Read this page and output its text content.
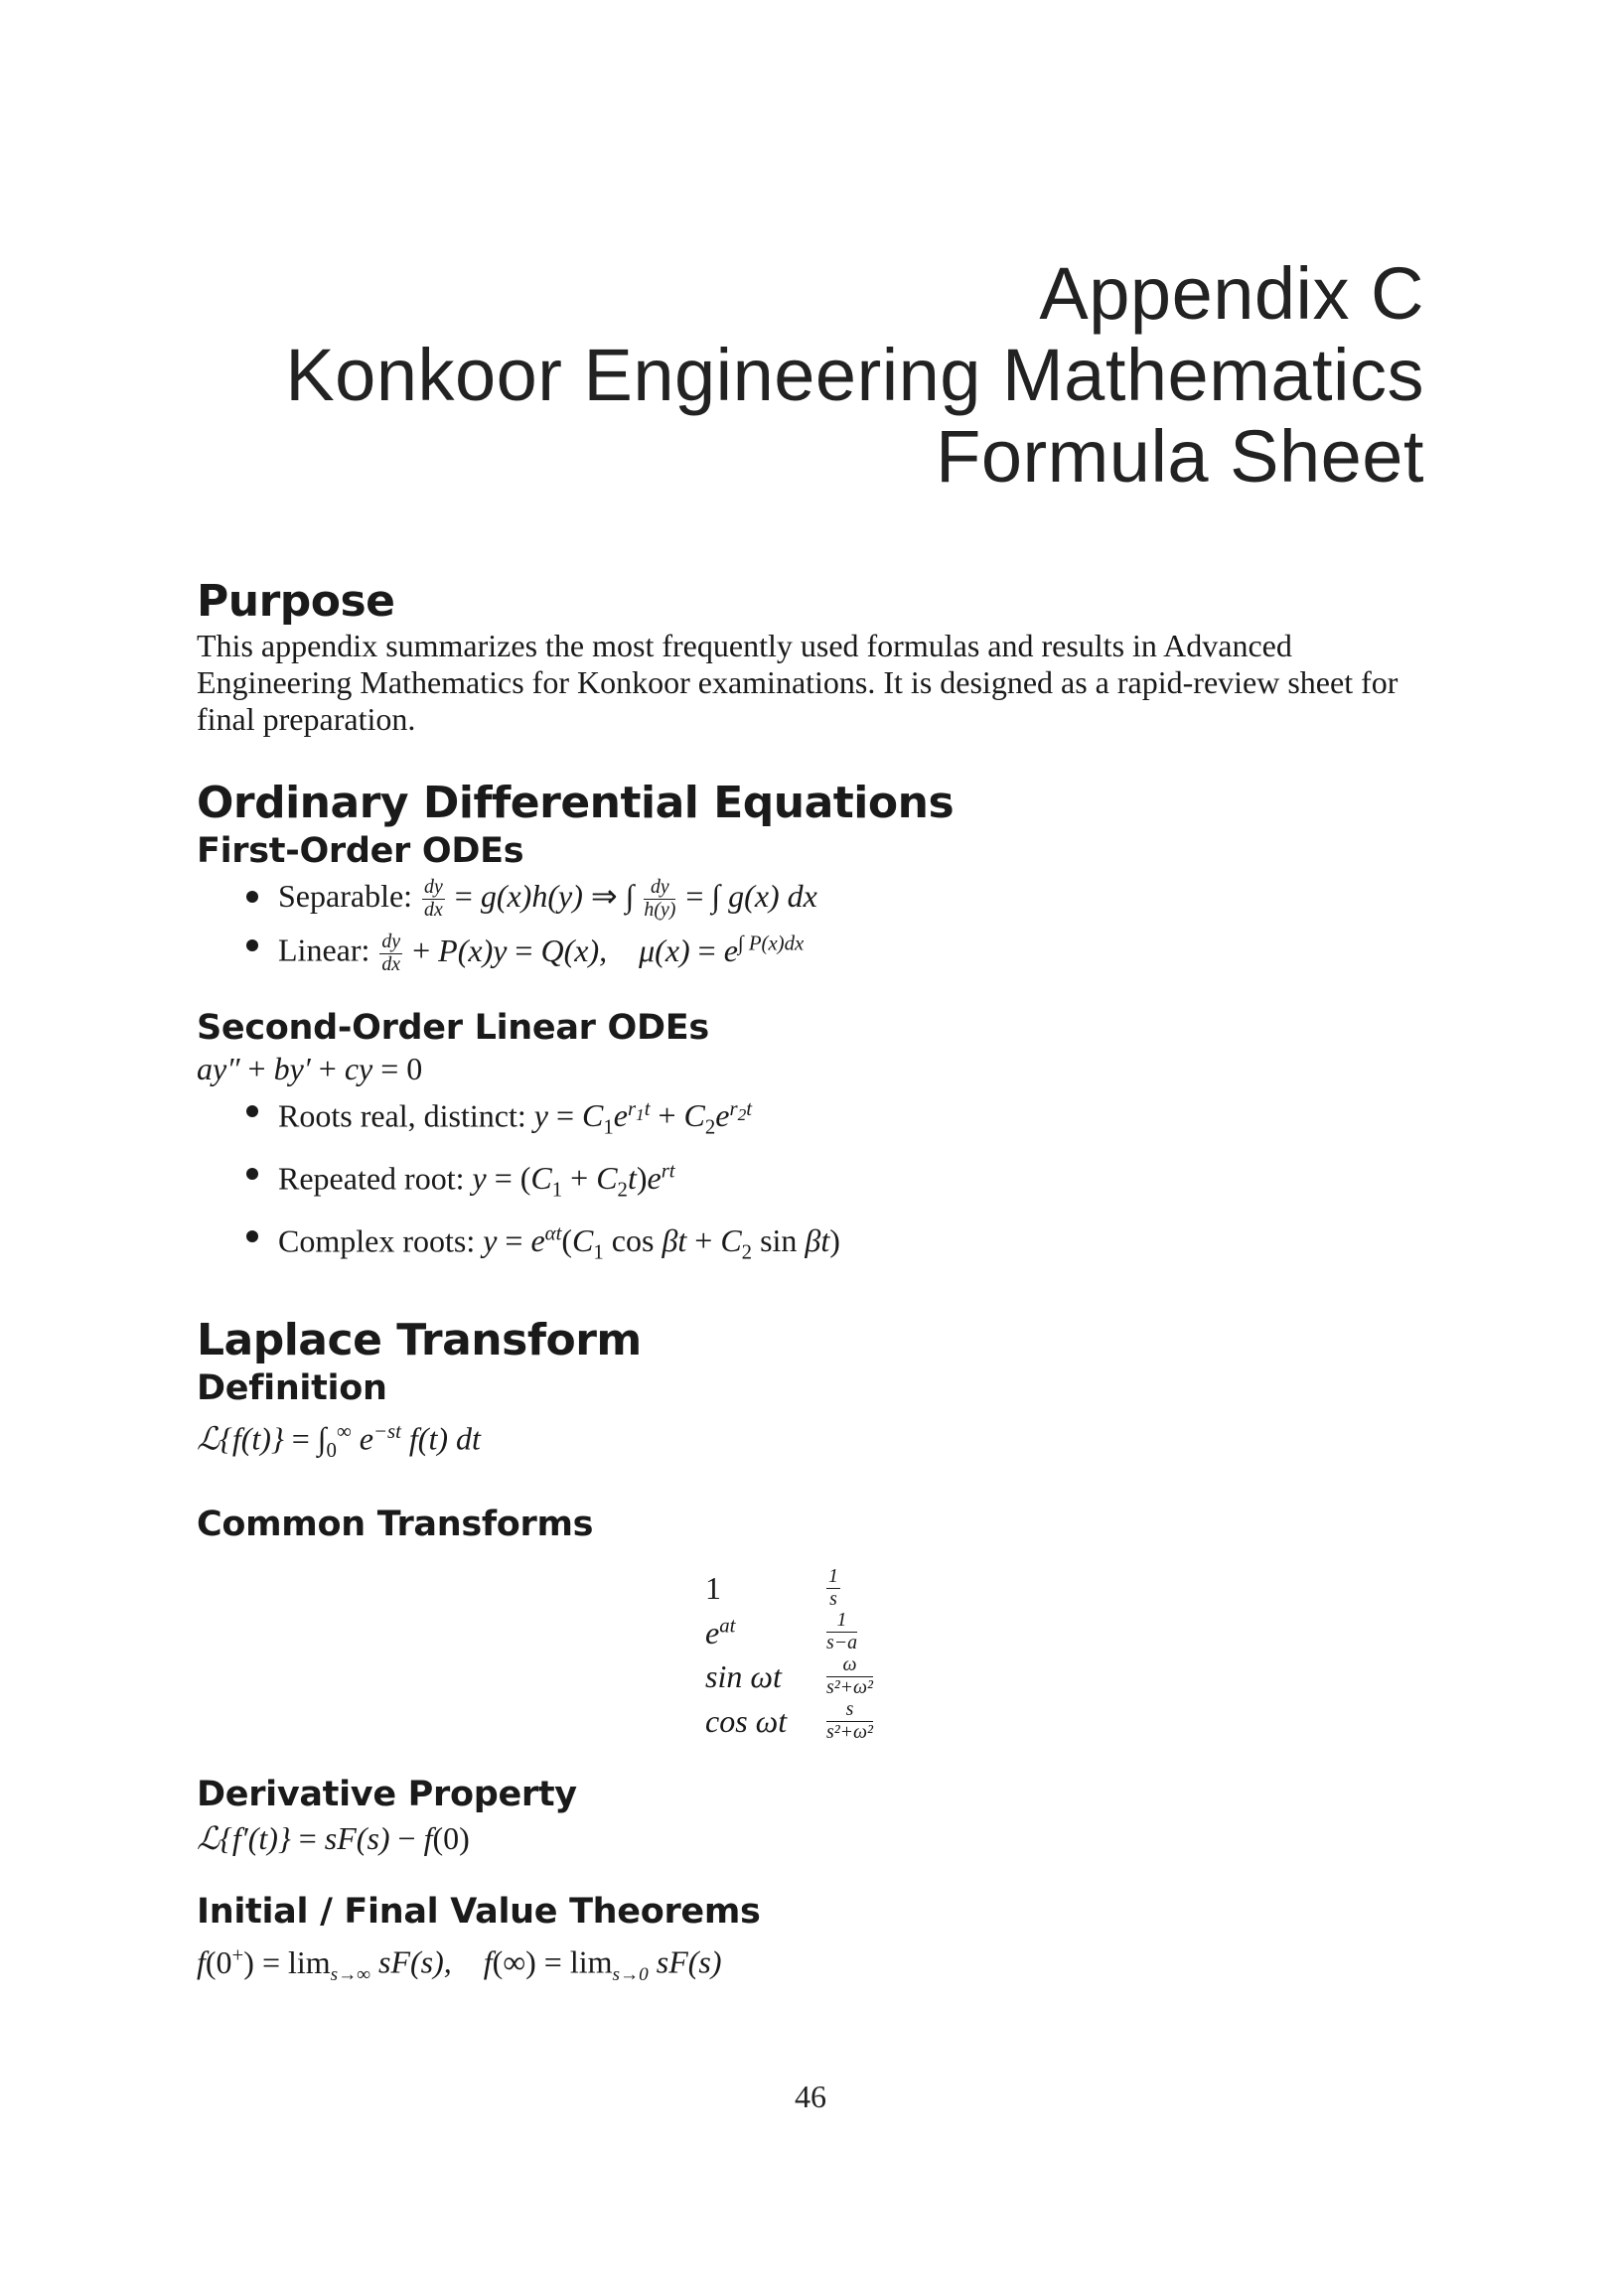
Appendix C
Konkoor Engineering Mathematics
Formula Sheet
Purpose

This appendix summarizes the most frequently used formulas and results in Advanced Engineering Mathematics for Konkoor examinations. It is designed as a rapid-review sheet for final preparation.

Ordinary Differential Equations
First-Order ODEs
Separable: $\frac{dy}{dx} = g(x)h(y)$ ⇒ ∫ $\frac{dy}{h(y)}$ = ∫ g(x) dx
Linear: $\frac{dy}{dx} + P(x)y = Q(x)$,    $\mu(x) = e^{\int P(x)dx}$
Second-Order Linear ODEs
ay″ + by′ + cy = 0
Roots real, distinct: $y = C_1e^{r_1t} + C_2e^{r_2t}$
Repeated root: $y = (C_1 + C_2t)e^{rt}$
Complex roots: $y = e^{\alpha t}(C_1$ $\cos \beta t + C_2$ sin βt)
Laplace Transform
Definition
ℒ{f(t)} = $\int_0^\infty$ $e^{-st}$ f(t) dt
Common Transforms
1	$\frac{1}{s}$

$e^{at}$	$\frac{1}{s-a}$

sin ωt	$\frac{\omega}{\text{s²+ω²}}$

cos ωt	$\frac{s}{\text{s²+ω²}}$
Derivative Property
ℒ{f′(t)} = sF(s) − f(0)
Initial / Final Value Theorems
$f(0^+) = \lim_{s\to\infty} sF(s)$,    $f(\infty) = \lim_{s\to 0} sF(s)$
46
